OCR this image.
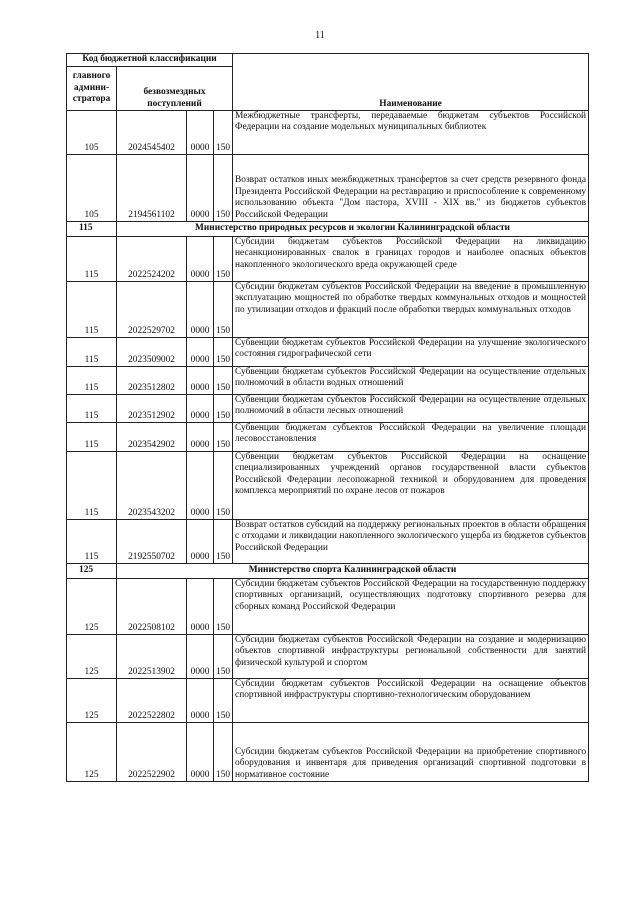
11
Код бюджетной классификации				Наименование
главного админи-стратора	безвозмездных поступлений			
105	2024545402	0000	150	Межбюджетные трансферты, передаваемые бюджетам субъектов Российской Федерации на создание модельных муниципальных библиотек
105	2194561102	0000	150	Возврат остатков иных межбюджетных трансфертов за счет средств резервного фонда Президента Российской Федерации на реставрацию и приспособление к современному использованию объекта "Дом пастора, XVIII - XIX вв." из бюджетов субъектов Российской Федерации
115	Министерство природных ресурсов и экологии Калининградской области			
115	2022524202	0000	150	Субсидии бюджетам субъектов Российской Федерации на ликвидацию несанкционированных свалок в границах городов и наиболее опасных объектов накопленного экологического вреда окружающей среде
115	2022529702	0000	150	Субсидии бюджетам субъектов Российской Федерации на введение в промышленную эксплуатацию мощностей по обработке твердых коммунальных отходов и мощностей по утилизации отходов и фракций после обработки твердых коммунальных отходов
115	2023509002	0000	150	Субвенции бюджетам субъектов Российской Федерации на улучшение экологического состояния гидрографической сети
115	2023512802	0000	150	Субвенции бюджетам субъектов Российской Федерации на осуществление отдельных полномочий в области водных отношений
115	2023512902	0000	150	Субвенции бюджетам субъектов Российской Федерации на осуществление отдельных полномочий в области лесных отношений
115	2023542902	0000	150	Субвенции бюджетам субъектов Российской Федерации на увеличение площади лесовосстановления
115	2023543202	0000	150	Субвенции бюджетам субъектов Российской Федерации на оснащение специализированных учреждений органов государственной власти субъектов Российской Федерации лесопожарной техникой и оборудованием для проведения комплекса мероприятий по охране лесов от пожаров
115	2192550702	0000	150	Возврат остатков субсидий на поддержку региональных проектов в области обращения с отходами и ликвидации накопленного экологического ущерба из бюджетов субъектов Российской Федерации
125	Министерство спорта Калининградской области			
125	2022508102	0000	150	Субсидии бюджетам субъектов Российской Федерации на государственную поддержку спортивных организаций, осуществляющих подготовку спортивного резерва для сборных команд Российской Федерации
125	2022513902	0000	150	Субсидии бюджетам субъектов Российской Федерации на создание и модернизацию объектов спортивной инфраструктуры региональной собственности для занятий физической культурой и спортом
125	2022522802	0000	150	Субсидии бюджетам субъектов Российской Федерации на оснащение объектов спортивной инфраструктуры спортивно-технологическим оборудованием
125	2022522902	0000	150	Субсидии бюджетам субъектов Российской Федерации на приобретение спортивного оборудования и инвентаря для приведения организаций спортивной подготовки в нормативное состояние
